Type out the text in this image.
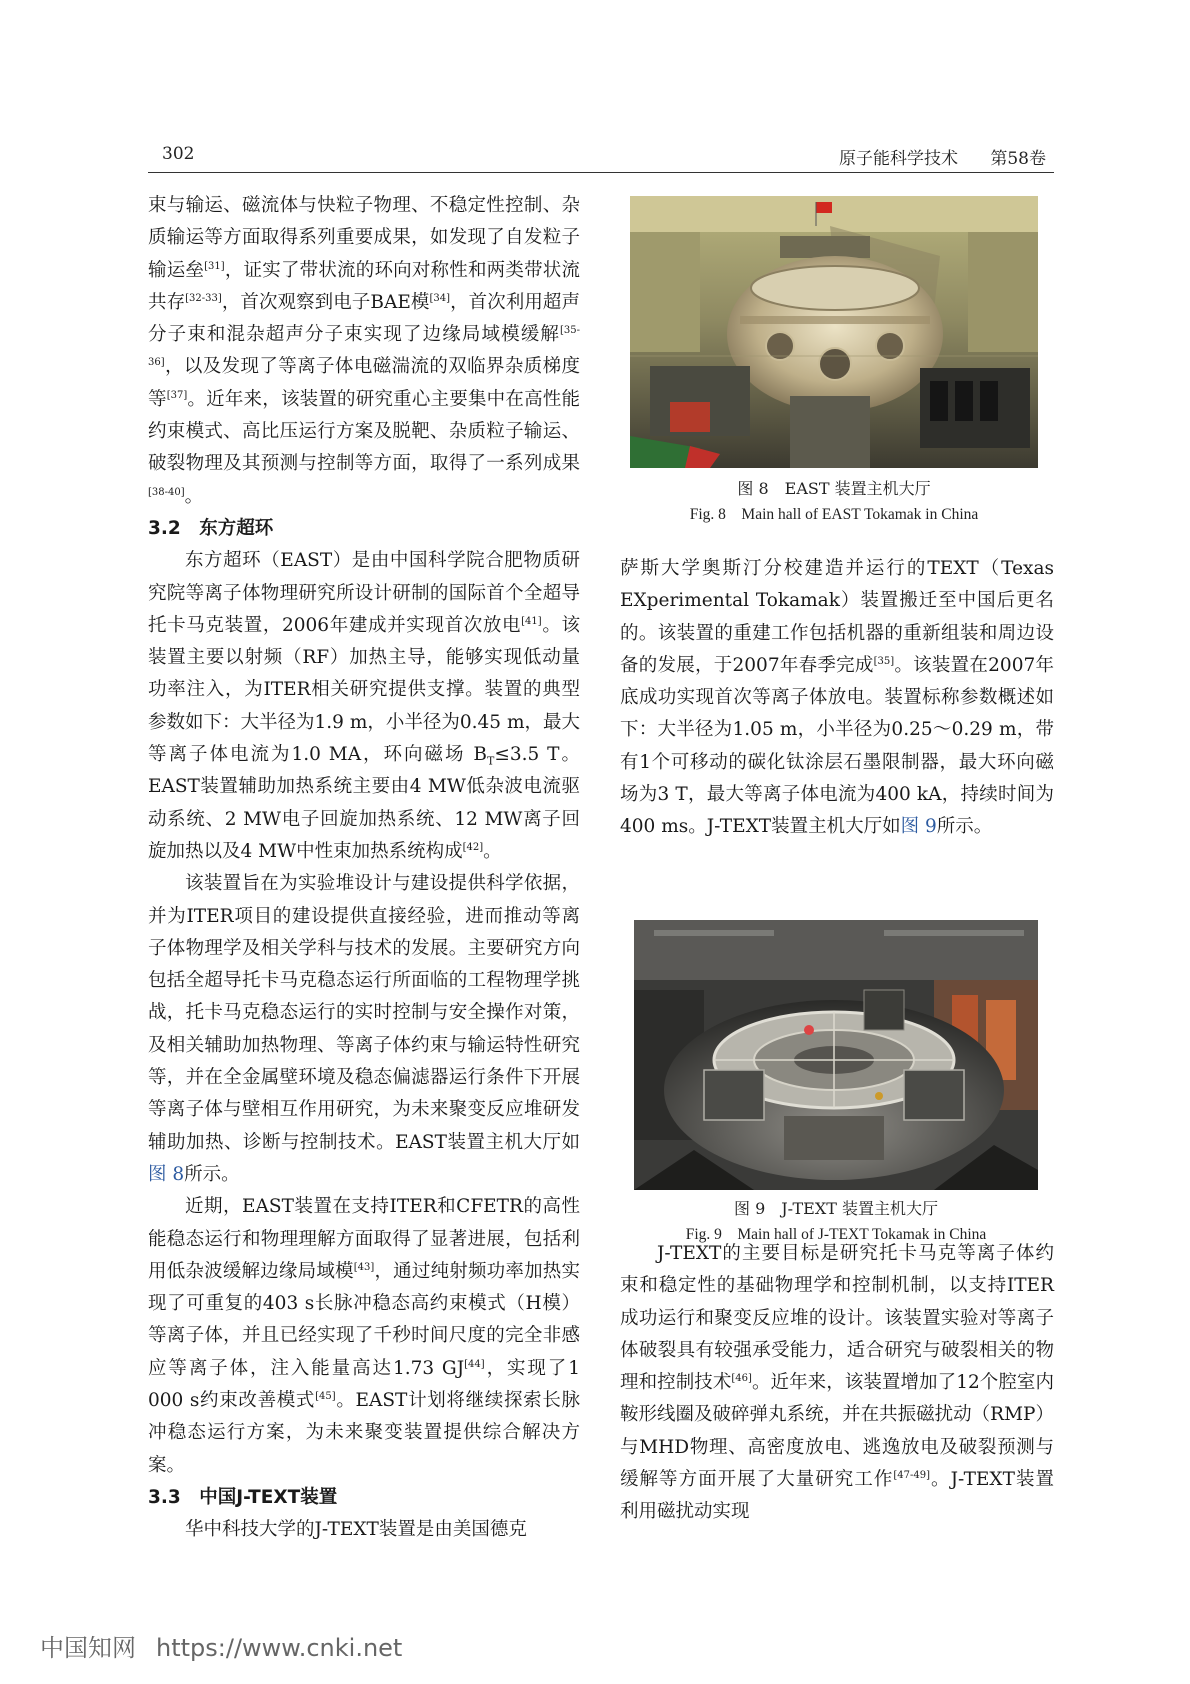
302	原子能科学技术 第58卷

束与输运、磁流体与快粒子物理、不稳定性控制、杂质输运等方面取得系列重要成果，如发现了自发粒子输运垒[31]，证实了带状流的环向对称性和两类带状流共存[32-33]，首次观察到电子BAE模[34]，首次利用超声分子束和混杂超声分子束实现了边缘局域模缓解[35-36]，以及发现了等离子体电磁湍流的双临界杂质梯度等[37]。近年来，该装置的研究重心主要集中在高性能约束模式、高比压运行方案及脱靶、杂质粒子输运、破裂物理及其预测与控制等方面，取得了一系列成果[38-40]。

3.2　 东方超环

东方超环（EAST）是由中国科学院合肥物质研究院等离子体物理研究所设计研制的国际首个全超导托卡马克装置，2006年建成并实现首次放电[41]。该装置主要以射频（RF）加热主导，能够实现低动量功率注入，为ITER相关研究提供支撑。装置的典型参数如下：大半径为1.9 m，小半径为0.45 m，最大等离子体电流为1.0 MA，环向磁场 $B_T\le 3.5$ T。EAST装置辅助加热系统主要由4 MW低杂波电流驱动系统、2 MW电子回旋加热系统、12 MW离子回旋加热以及4 MW中性束加热系统构成[42]。

该装置旨在为实验堆设计与建设提供科学依据，并为ITER项目的建设提供直接经验，进而推动等离子体物理学及相关学科与技术的发展。主要研究方向包括全超导托卡马克稳态运行所面临的工程物理学挑战，托卡马克稳态运行的实时控制与安全操作对策，及相关辅助加热物理、等离子体约束与输运特性研究等，并在全金属壁环境及稳态偏滤器运行条件下开展等离子体与壁相互作用研究，为未来聚变反应堆研发辅助加热、诊断与控制技术。EAST装置主机大厅如图 8所示。

近期，EAST装置在支持ITER和CFETR的高性能稳态运行和物理理解方面取得了显著进展，包括利用低杂波缓解边缘局域模[43]，通过纯射频功率加热实现了可重复的403 s长脉冲稳态高约束模式（H模）等离子体，并且已经实现了千秒时间尺度的完全非感应等离子体，注入能量高达1.73 GJ[44]，实现了1 000 s约束改善模式[45]。EAST计划将继续探索长脉冲稳态运行方案，为未来聚变装置提供综合解决方案。

3.3　 中国J-TEXT装置

华中科技大学的J-TEXT装置是由美国德克

图 8　EAST 装置主机大厅
Fig. 8　Main hall of EAST Tokamak in China

萨斯大学奥斯汀分校建造并运行的TEXT（Texas EXperimental Tokamak）装置搬迁至中国后更名的。该装置的重建工作包括机器的重新组装和周边设备的发展，于2007年春季完成[35]。该装置在2007年底成功实现首次等离子体放电。装置标称参数概述如下：大半径为1.05 m，小半径为0.25～0.29 m，带有1个可移动的碳化钛涂层石墨限制器，最大环向磁场为3 T，最大等离子体电流为400 kA，持续时间为400 ms。J-TEXT装置主机大厅如图 9所示。

图 9　J-TEXT 装置主机大厅
Fig. 9　Main hall of J-TEXT Tokamak in China

J-TEXT的主要目标是研究托卡马克等离子体约束和稳定性的基础物理学和控制机制，以支持ITER成功运行和聚变反应堆的设计。该装置实验对等离子体破裂具有较强承受能力，适合研究与破裂相关的物理和控制技术[46]。近年来，该装置增加了12个腔室内鞍形线圈及破碎弹丸系统，并在共振磁扰动（RMP）与MHD物理、高密度放电、逃逸放电及破裂预测与缓解等方面开展了大量研究工作[47-49]。J-TEXT装置利用磁扰动实现

中国知网 https://www.cnki.net
